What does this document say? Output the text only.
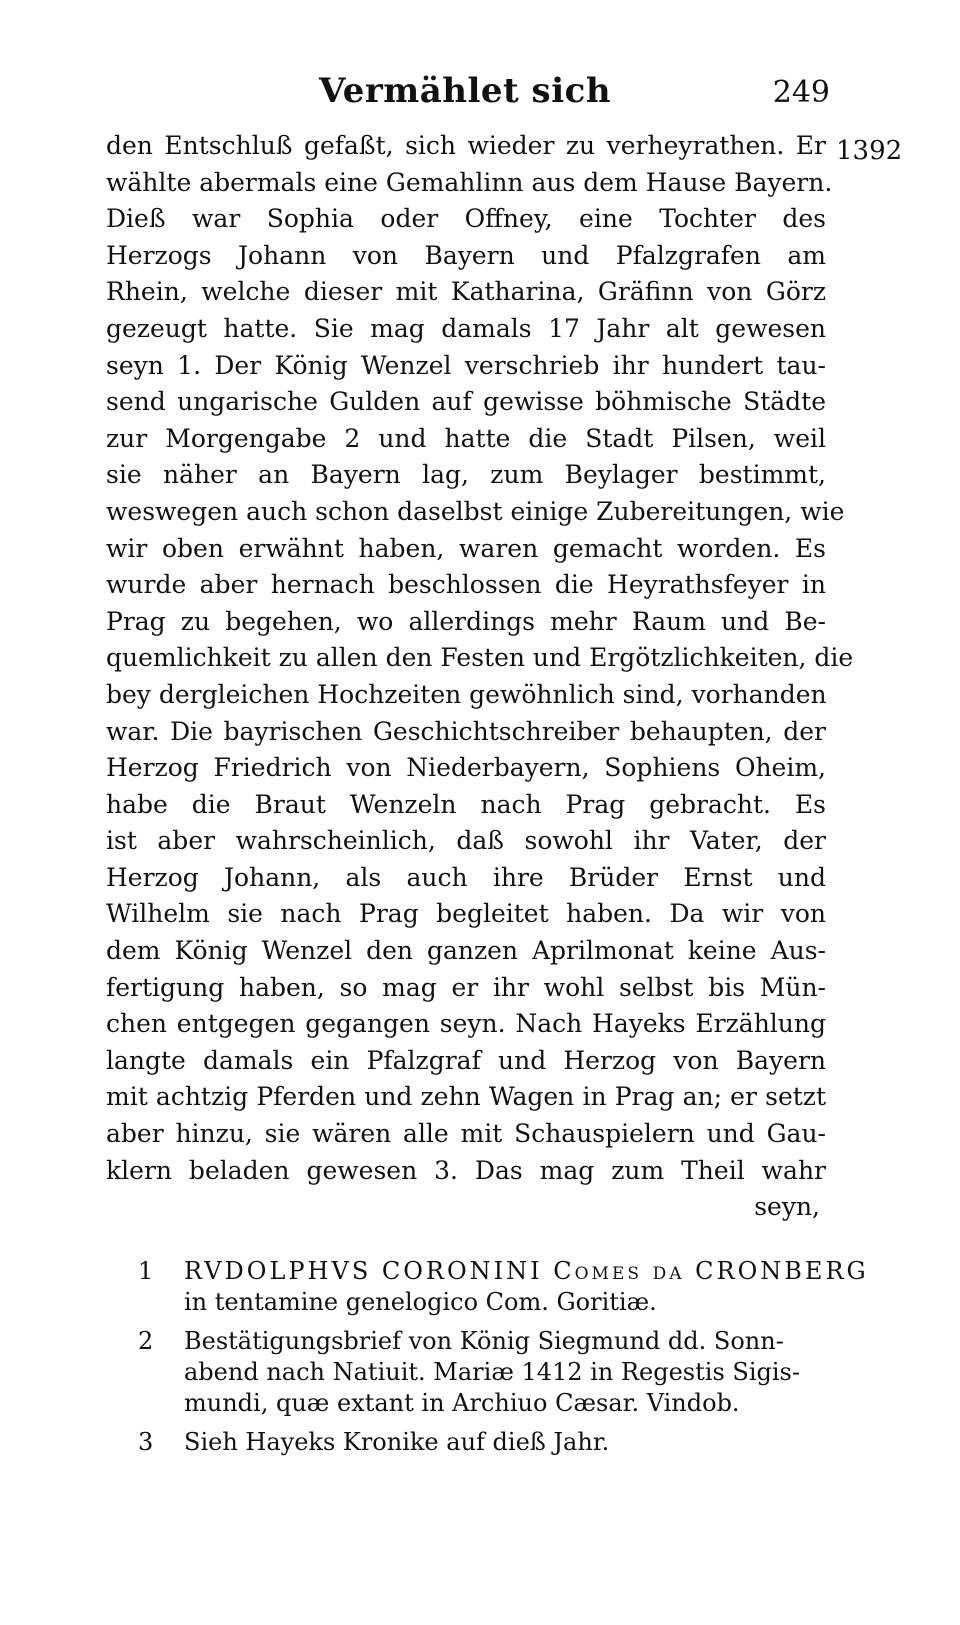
Vermählet sich	249
1392
den Entschluß gefaßt, sich wieder zu verheyrathen. Er
wählte abermals eine Gemahlinn aus dem Hause Bayern.
Dieß war Sophia oder Offney, eine Tochter des
Herzogs Johann von Bayern und Pfalzgrafen am
Rhein, welche dieser mit Katharina, Gräfinn von Görz
gezeugt hatte. Sie mag damals 17 Jahr alt gewesen
seyn 1. Der König Wenzel verschrieb ihr hundert tau-
send ungarische Gulden auf gewisse böhmische Städte
zur Morgengabe 2 und hatte die Stadt Pilsen, weil
sie näher an Bayern lag, zum Beylager bestimmt,
weswegen auch schon daselbst einige Zubereitungen, wie
wir oben erwähnt haben, waren gemacht worden. Es
wurde aber hernach beschlossen die Heyrathsfeyer in
Prag zu begehen, wo allerdings mehr Raum und Be-
quemlichkeit zu allen den Festen und Ergötzlichkeiten, die
bey dergleichen Hochzeiten gewöhnlich sind, vorhanden
war. Die bayrischen Geschichtschreiber behaupten, der
Herzog Friedrich von Niederbayern, Sophiens Oheim,
habe die Braut Wenzeln nach Prag gebracht. Es
ist aber wahrscheinlich, daß sowohl ihr Vater, der
Herzog Johann, als auch ihre Brüder Ernst und
Wilhelm sie nach Prag begleitet haben. Da wir von
dem König Wenzel den ganzen Aprilmonat keine Aus-
fertigung haben, so mag er ihr wohl selbst bis Mün-
chen entgegen gegangen seyn. Nach Hayeks Erzählung
langte damals ein Pfalzgraf und Herzog von Bayern
mit achtzig Pferden und zehn Wagen in Prag an; er setzt
aber hinzu, sie wären alle mit Schauspielern und Gau-
klern beladen gewesen 3. Das mag zum Theil wahr
seyn,
1 RVDOLPHVS CORONINI Comes da CRONBERG
in tentamine genelogico Com. Goritiæ.
2 Bestätigungsbrief von König Siegmund dd. Sonn-
abend nach Natiuit. Mariæ 1412 in Regestis Sigis-
mundi, quæ extant in Archiuo Cæsar. Vindob.
3 Sieh Hayeks Kronike auf dieß Jahr.
